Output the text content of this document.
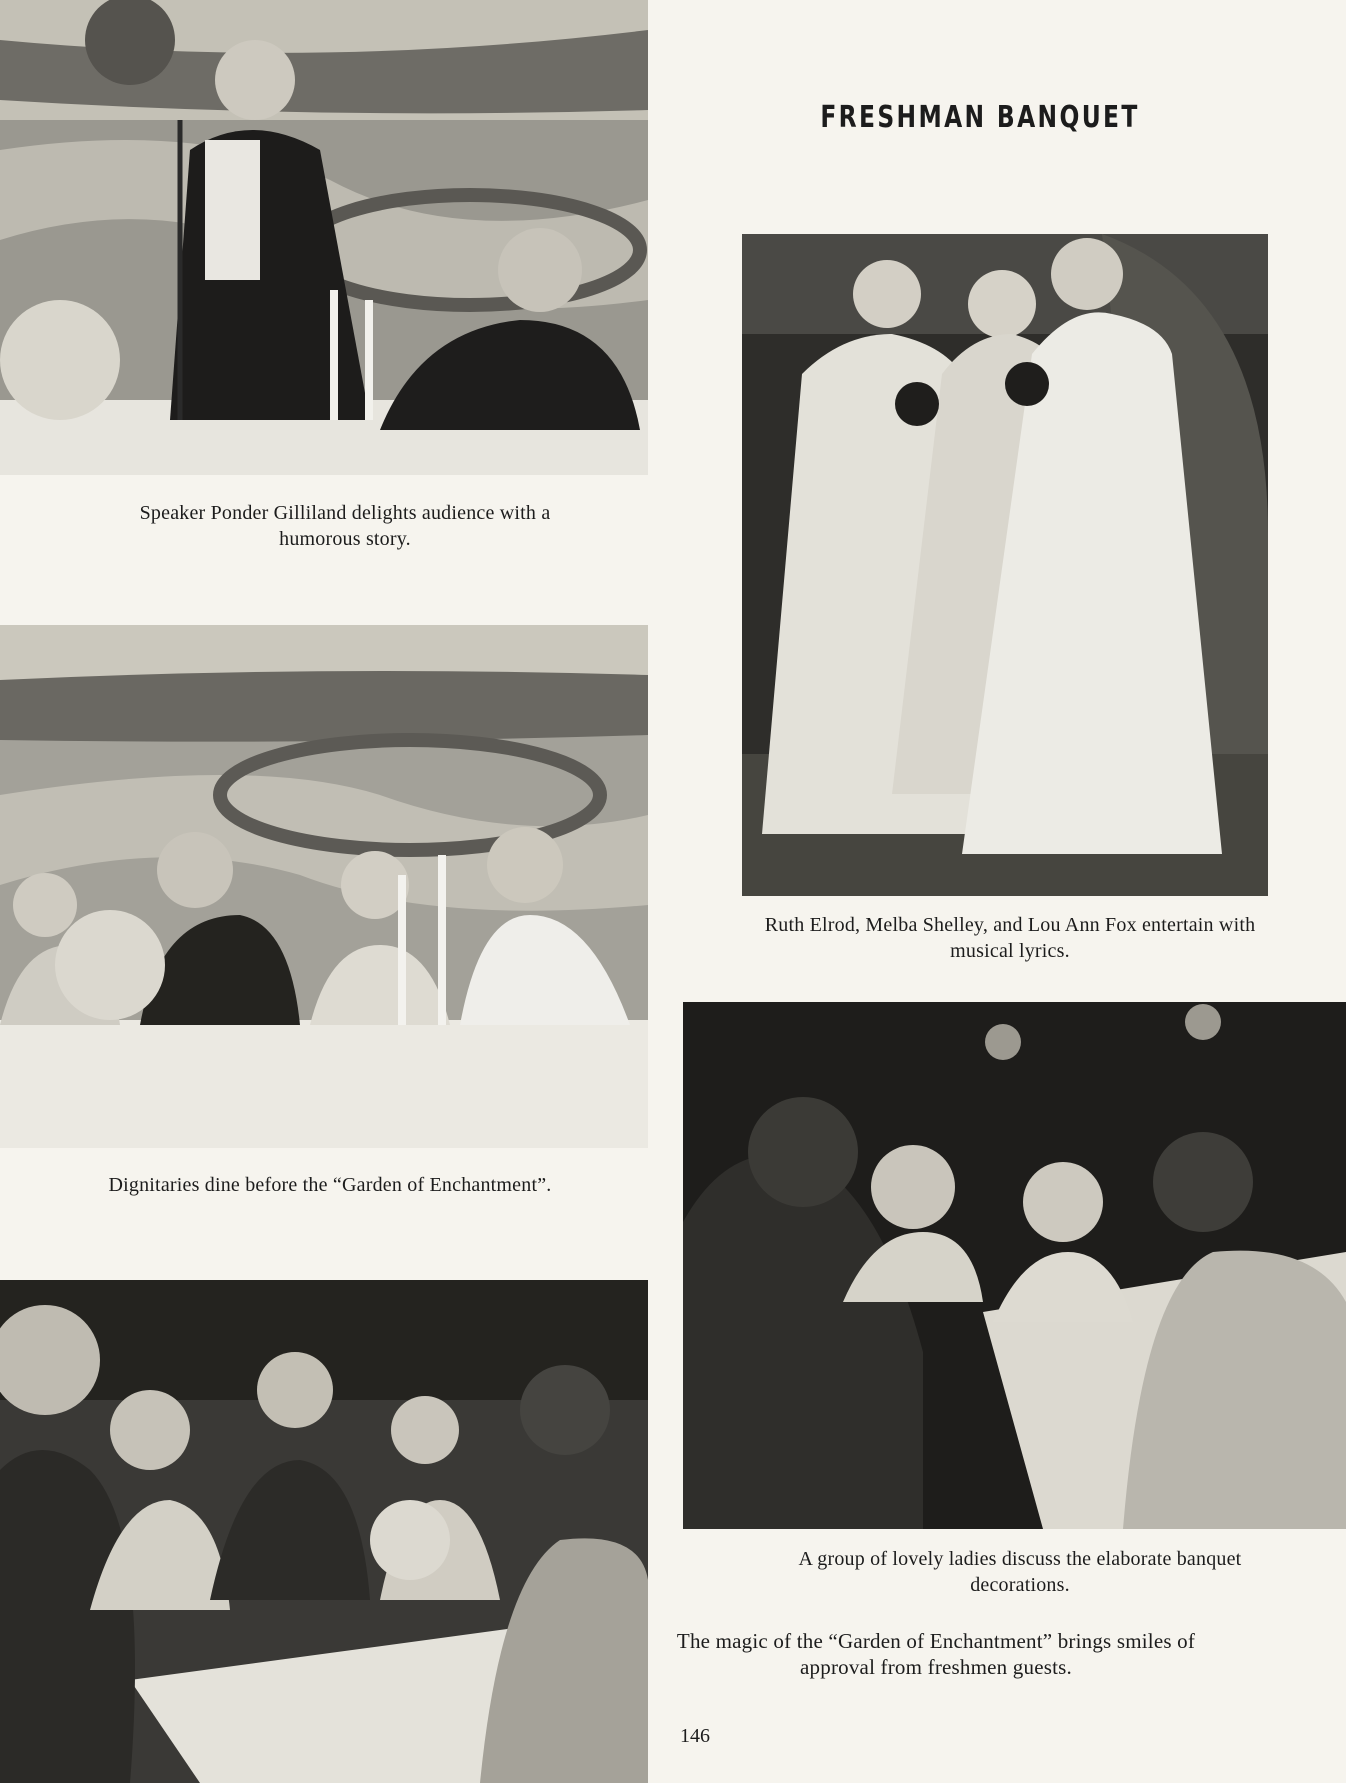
Speaker Ponder Gilliland delights audience with a humorous story.
Dignitaries dine before the “Garden of Enchantment”.
FRESHMAN BANQUET
Ruth Elrod, Melba Shelley, and Lou Ann Fox entertain with musical lyrics.
A group of lovely ladies discuss the elaborate banquet decorations.
The magic of the “Garden of Enchantment” brings smiles of approval from freshmen guests.
146
